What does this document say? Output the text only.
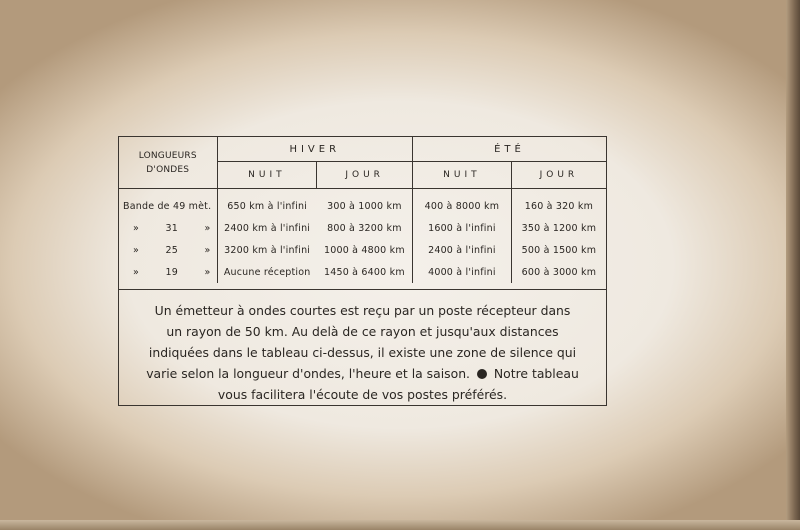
LONGUEURS
D'ONDES	HIVER		ÉTÉ	
	NUIT	JOUR	NUIT	JOUR
Bande de 49 mèt.	650 km à l'infini	300 à 1000 km	400 à 8000 km	160 à 320 km

» 31 »	2400 km à l'infini	800 à 3200 km	1600 à l'infini	350 à 1200 km

» 25 »	3200 km à l'infini	1000 à 4800 km	2400 à l'infini	500 à 1500 km

» 19 »	Aucune réception	1450 à 6400 km	4000 à l'infini	600 à 3000 km

Un émetteur à ondes courtes est reçu par un poste récepteur dans
un rayon de 50 km. Au delà de ce rayon et jusqu'aux distances
indiquées dans le tableau ci-dessus, il existe une zone de silence qui
varie selon la longueur d'ondes, l'heure et la saison. Notre tableau
vous facilitera l'écoute de vos postes préférés.
